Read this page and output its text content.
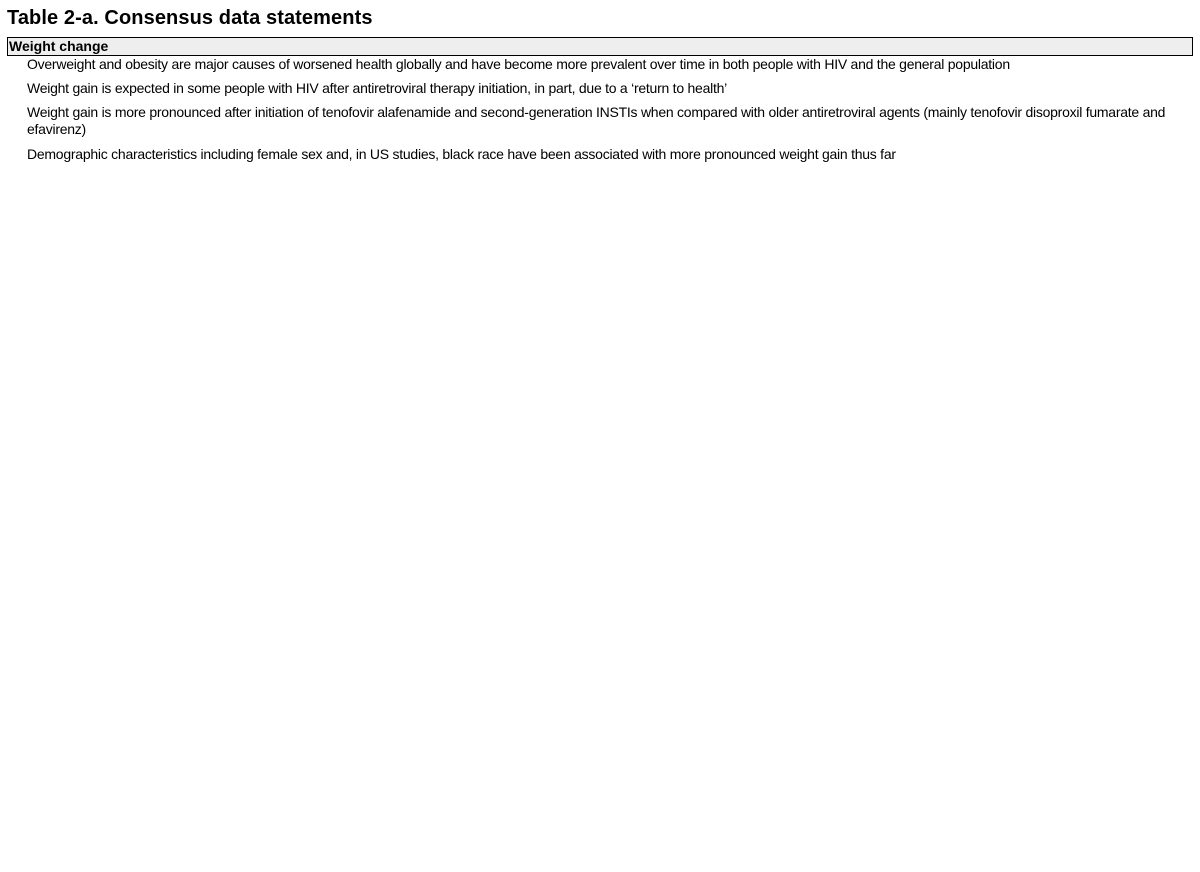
Table 2-a. Consensus data statements
Weight change
Overweight and obesity are major causes of worsened health globally and have become more prevalent over time in both people with HIV and the general population
Weight gain is expected in some people with HIV after antiretroviral therapy initiation, in part, due to a ‘return to health’
Weight gain is more pronounced after initiation of tenofovir alafenamide and second-generation INSTIs when compared with older antiretroviral agents (mainly tenofovir disoproxil fumarate and efavirenz)
Demographic characteristics including female sex and, in US studies, black race have been associated with more pronounced weight gain thus far
